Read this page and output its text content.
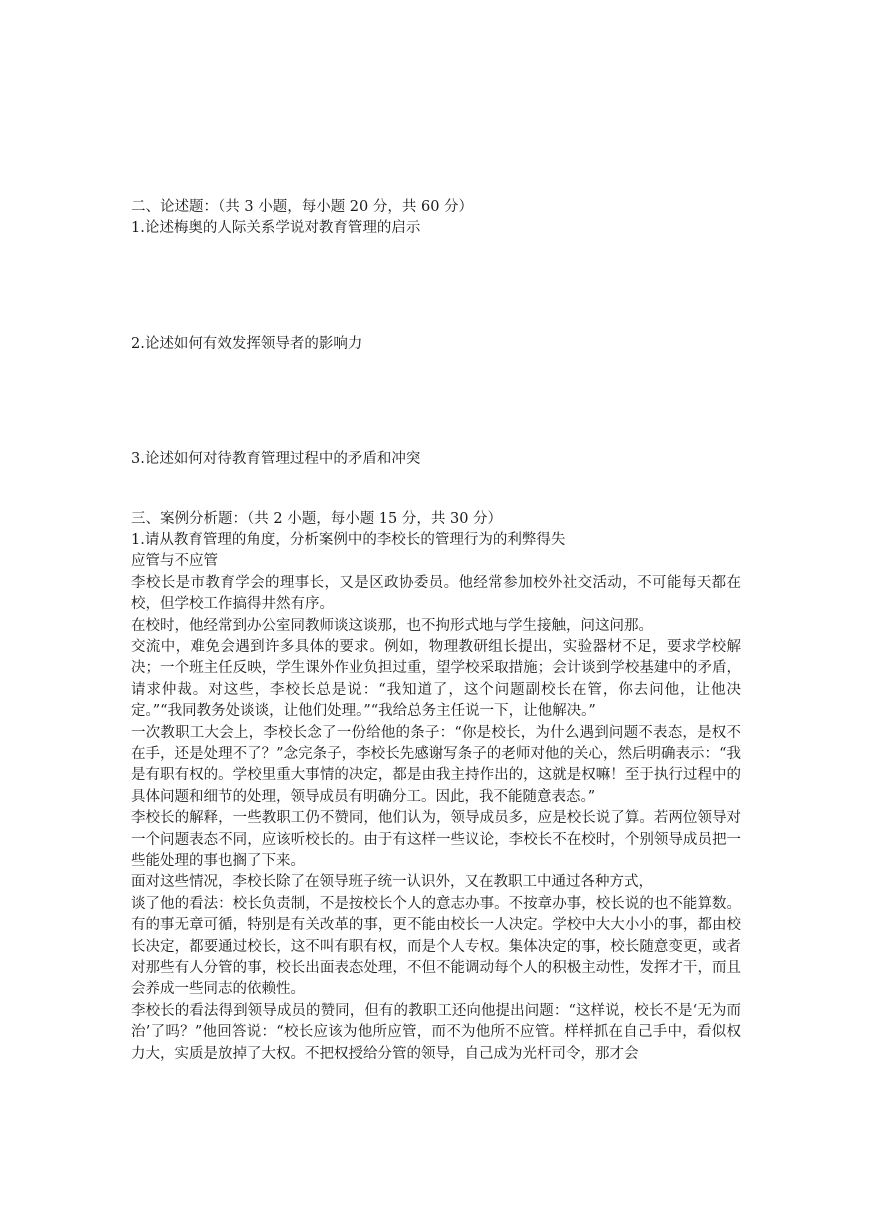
二、论述题：（共 3 小题，每小题 20 分，共 60 分）

1.论述梅奥的人际关系学说对教育管理的启示

2.论述如何有效发挥领导者的影响力

3.论述如何对待教育管理过程中的矛盾和冲突

三、案例分析题：（共 2 小题，每小题 15 分，共 30 分）

1.请从教育管理的角度，分析案例中的李校长的管理行为的利弊得失

应管与不应管

李校长是市教育学会的理事长，又是区政协委员。他经常参加校外社交活动，不可能每天都在校，但学校工作搞得井然有序。

在校时，他经常到办公室同教师谈这谈那，也不拘形式地与学生接触，问这问那。

交流中，难免会遇到许多具体的要求。例如，物理教研组长提出，实验器材不足，要求学校解决；一个班主任反映，学生课外作业负担过重，望学校采取措施；会计谈到学校基建中的矛盾，请求仲裁。对这些，李校长总是说：“我知道了，这个问题副校长在管，你去问他，让他决定。”“我同教务处谈谈，让他们处理。”“我给总务主任说一下，让他解决。”

一次教职工大会上，李校长念了一份给他的条子：“你是校长，为什么遇到问题不表态，是权不在手，还是处理不了？”念完条子，李校长先感谢写条子的老师对他的关心，然后明确表示：“我是有职有权的。学校里重大事情的决定，都是由我主持作出的，这就是权嘛！至于执行过程中的具体问题和细节的处理，领导成员有明确分工。因此，我不能随意表态。”

李校长的解释，一些教职工仍不赞同，他们认为，领导成员多，应是校长说了算。若两位领导对一个问题表态不同，应该听校长的。由于有这样一些议论，李校长不在校时，个别领导成员把一些能处理的事也搁了下来。

面对这些情况，李校长除了在领导班子统一认识外，又在教职工中通过各种方式，

谈了他的看法：校长负责制，不是按校长个人的意志办事。不按章办事，校长说的也不能算数。有的事无章可循，特别是有关改革的事，更不能由校长一人决定。学校中大大小小的事，都由校长决定，都要通过校长，这不叫有职有权，而是个人专权。集体决定的事，校长随意变更，或者对那些有人分管的事，校长出面表态处理，不但不能调动每个人的积极主动性，发挥才干，而且会养成一些同志的依赖性。

李校长的看法得到领导成员的赞同，但有的教职工还向他提出问题：“这样说，校长不是‘无为而治’了吗？”他回答说：“校长应该为他所应管，而不为他所不应管。样样抓在自己手中，看似权力大，实质是放掉了大权。不把权授给分管的领导，自己成为光杆司令，那才会
